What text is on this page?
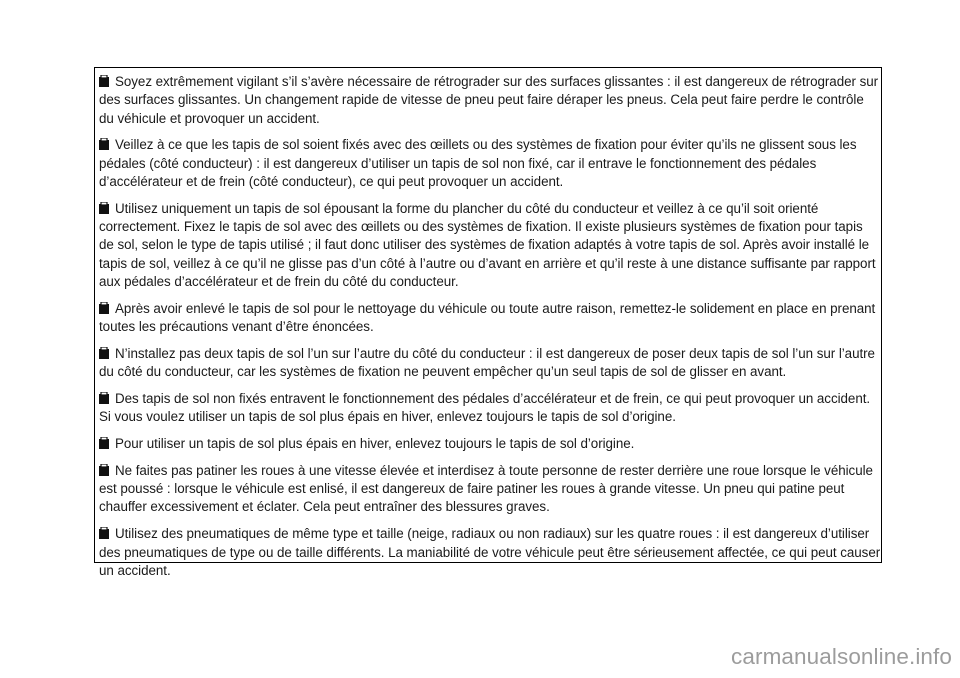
Soyez extrêmement vigilant s’il s’avère nécessaire de rétrograder sur des surfaces glissantes : il est dangereux de rétrograder sur des surfaces glissantes. Un changement rapide de vitesse de pneu peut faire déraper les pneus. Cela peut faire perdre le contrôle du véhicule et provoquer un accident.

Veillez à ce que les tapis de sol soient fixés avec des œillets ou des systèmes de fixation pour éviter qu’ils ne glissent sous les pédales (côté conducteur) : il est dangereux d’utiliser un tapis de sol non fixé, car il entrave le fonctionnement des pédales d’accélérateur et de frein (côté conducteur), ce qui peut provoquer un accident.

Utilisez uniquement un tapis de sol épousant la forme du plancher du côté du conducteur et veillez à ce qu’il soit orienté correctement. Fixez le tapis de sol avec des œillets ou des systèmes de fixation. Il existe plusieurs systèmes de fixation pour tapis de sol, selon le type de tapis utilisé ; il faut donc utiliser des systèmes de fixation adaptés à votre tapis de sol. Après avoir installé le tapis de sol, veillez à ce qu’il ne glisse pas d’un côté à l’autre ou d’avant en arrière et qu’il reste à une distance suffisante par rapport aux pédales d’accélérateur et de frein du côté du conducteur.

Après avoir enlevé le tapis de sol pour le nettoyage du véhicule ou toute autre raison, remettez-le solidement en place en prenant toutes les précautions venant d’être énoncées.

N’installez pas deux tapis de sol l’un sur l’autre du côté du conducteur : il est dangereux de poser deux tapis de sol l’un sur l’autre du côté du conducteur, car les systèmes de fixation ne peuvent empêcher qu’un seul tapis de sol de glisser en avant.

Des tapis de sol non fixés entravent le fonctionnement des pédales d’accélérateur et de frein, ce qui peut provoquer un accident. Si vous voulez utiliser un tapis de sol plus épais en hiver, enlevez toujours le tapis de sol d’origine.

Pour utiliser un tapis de sol plus épais en hiver, enlevez toujours le tapis de sol d’origine.

Ne faites pas patiner les roues à une vitesse élevée et interdisez à toute personne de rester derrière une roue lorsque le véhicule est poussé : lorsque le véhicule est enlisé, il est dangereux de faire patiner les roues à grande vitesse. Un pneu qui patine peut chauffer excessivement et éclater. Cela peut entraîner des blessures graves.

Utilisez des pneumatiques de même type et taille (neige, radiaux ou non radiaux) sur les quatre roues : il est dangereux d’utiliser des pneumatiques de type ou de taille différents. La maniabilité de votre véhicule peut être sérieusement affectée, ce qui peut causer un accident.

carmanualsonline.info
